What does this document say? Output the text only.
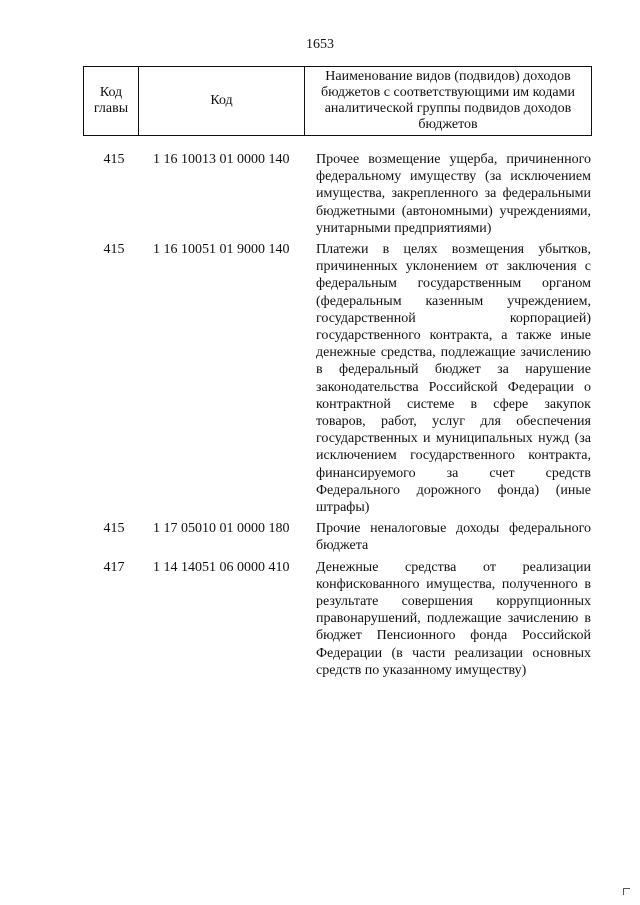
1653
Код главы	Код	Наименование видов (подвидов) доходов бюджетов с соответствующими им кодами аналитической группы подвидов доходов бюджетов
415	1 16 10013 01 0000 140	Прочее возмещение ущерба, причиненного федеральному имуществу (за исключением имущества, закрепленного за федеральными бюджетными (автономными) учреждениями, унитарными предприятиями)
415	1 16 10051 01 9000 140	Платежи в целях возмещения убытков, причиненных уклонением от заключения с федеральным государственным органом (федеральным казенным учреждением, государственной корпорацией) государственного контракта, а также иные денежные средства, подлежащие зачислению в федеральный бюджет за нарушение законодательства Российской Федерации о контрактной системе в сфере закупок товаров, работ, услуг для обеспечения государственных и муниципальных нужд (за исключением государственного контракта, финансируемого за счет средств Федерального дорожного фонда) (иные штрафы)
415	1 17 05010 01 0000 180	Прочие неналоговые доходы федерального бюджета
417	1 14 14051 06 0000 410	Денежные средства от реализации конфискованного имущества, полученного в результате совершения коррупционных правонарушений, подлежащие зачислению в бюджет Пенсионного фонда Российской Федерации (в части реализации основных средств по указанному имуществу)
